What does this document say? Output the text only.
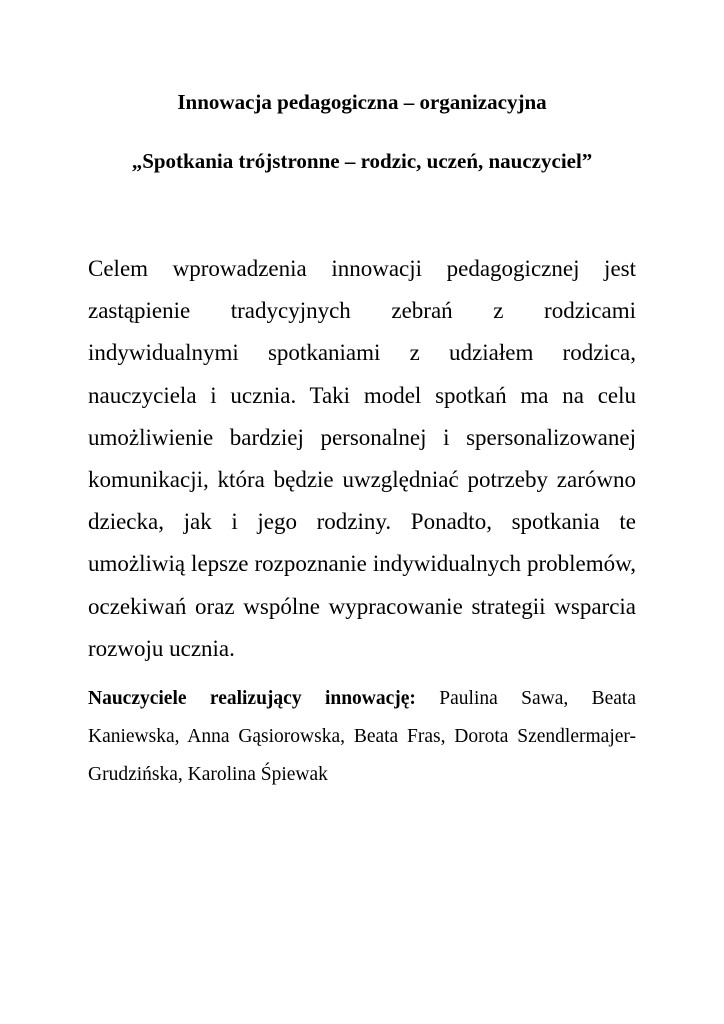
Innowacja pedagogiczna – organizacyjna
„Spotkania trójstronne – rodzic, uczeń, nauczyciel”

Celem wprowadzenia innowacji pedagogicznej jest zastąpienie tradycyjnych zebrań z rodzicami indywidualnymi spotkaniami z udziałem rodzica, nauczyciela i ucznia. Taki model spotkań ma na celu umożliwienie bardziej personalnej i spersonalizowanej komunikacji, która będzie uwzględniać potrzeby zarówno dziecka, jak i jego rodziny. Ponadto, spotkania te umożliwią lepsze rozpoznanie indywidualnych problemów, oczekiwań oraz wspólne wypracowanie strategii wsparcia rozwoju ucznia.

Nauczyciele realizujący innowację: Paulina Sawa, Beata Kaniewska, Anna Gąsiorowska, Beata Fras, Dorota Szendlermajer- Grudzińska, Karolina Śpiewak
